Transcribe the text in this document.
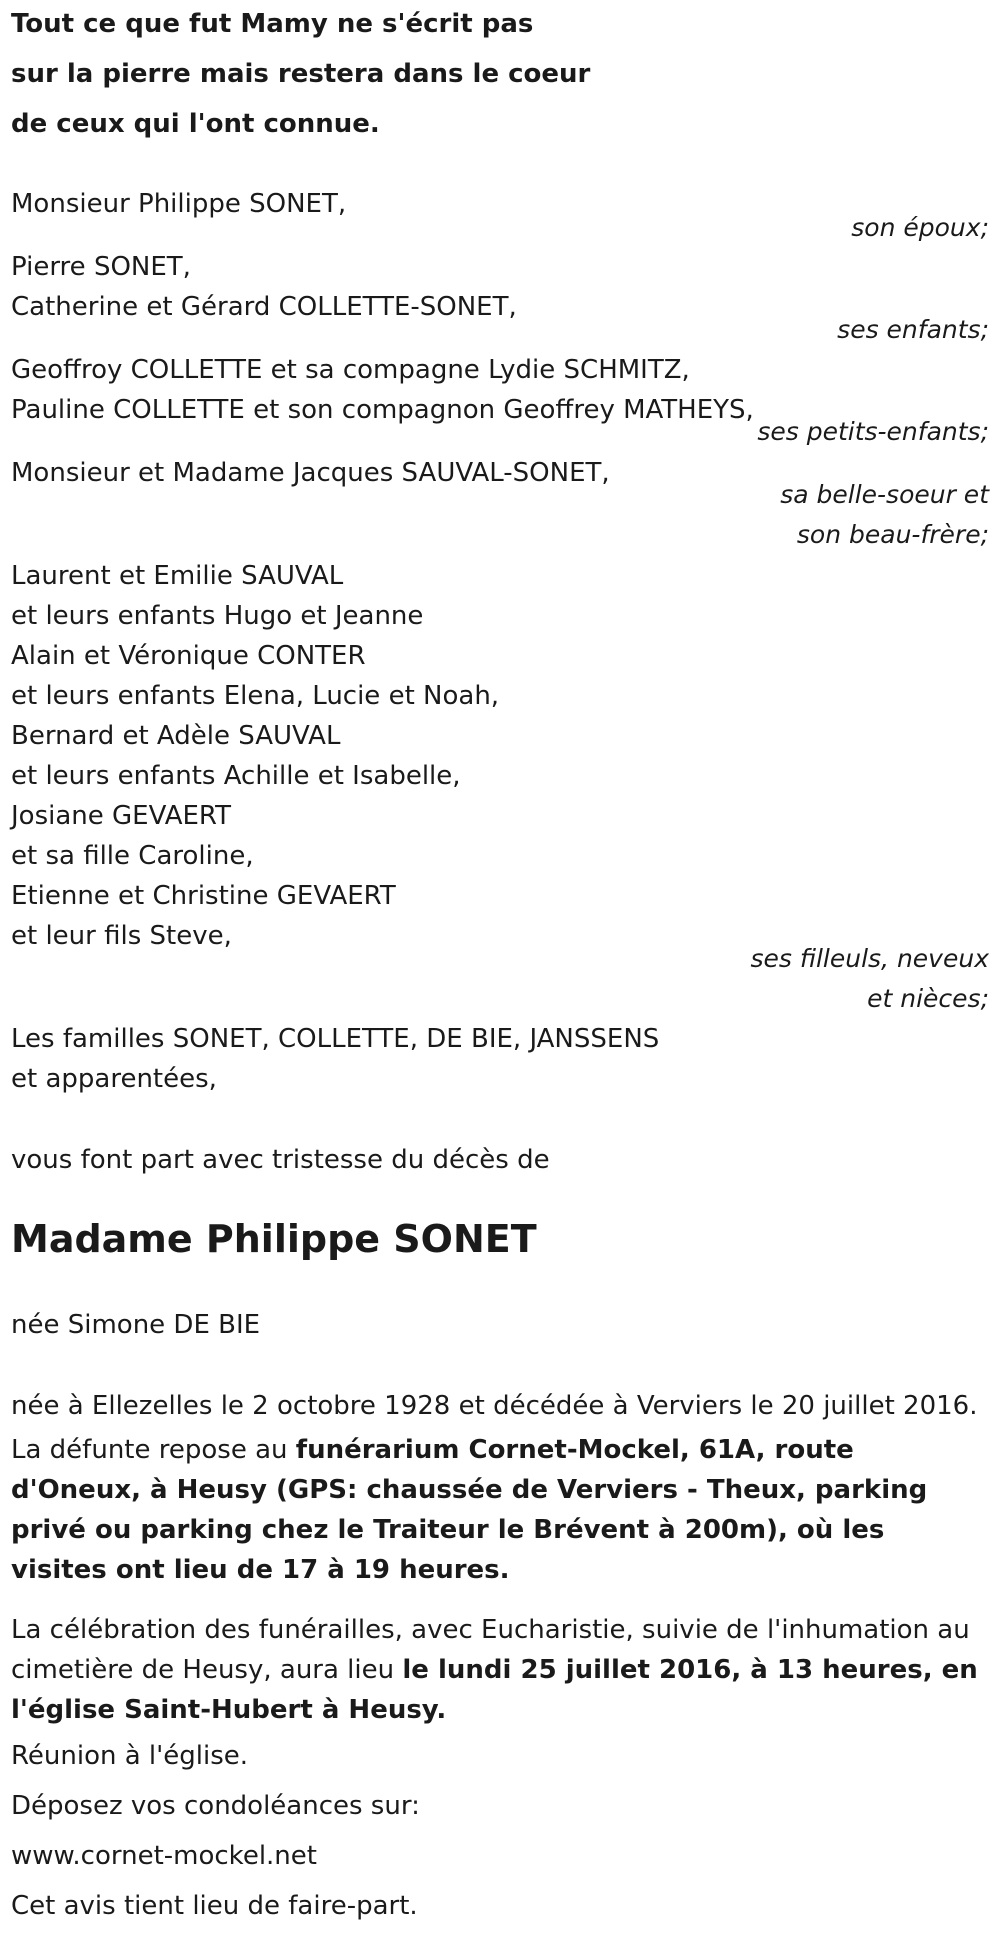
Tout ce que fut Mamy ne s'écrit pas
sur la pierre mais restera dans le coeur
de ceux qui l'ont connue.
Monsieur Philippe SONET,
son époux;
Pierre SONET,
Catherine et Gérard COLLETTE-SONET,
ses enfants;
Geoffroy COLLETTE et sa compagne Lydie SCHMITZ,
Pauline COLLETTE et son compagnon Geoffrey MATHEYS,
ses petits-enfants;
Monsieur et Madame Jacques SAUVAL-SONET,
sa belle-soeur et
son beau-frère;
Laurent et Emilie SAUVAL
et leurs enfants Hugo et Jeanne
Alain et Véronique CONTER
et leurs enfants Elena, Lucie et Noah,
Bernard et Adèle SAUVAL
et leurs enfants Achille et Isabelle,
Josiane GEVAERT
et sa fille Caroline,
Etienne et Christine GEVAERT
et leur fils Steve,
ses filleuls, neveux
et nièces;
Les familles SONET, COLLETTE, DE BIE, JANSSENS
et apparentées,
vous font part avec tristesse du décès de
Madame Philippe SONET
née Simone DE BIE
née à Ellezelles le 2 octobre 1928 et décédée à Verviers le 20 juillet 2016.
La défunte repose au funérarium Cornet-Mockel, 61A, route d'Oneux, à Heusy (GPS: chaussée de Verviers - Theux, parking privé ou parking chez le Traiteur le Brévent à 200m), où les visites ont lieu de 17 à 19 heures.
La célébration des funérailles, avec Eucharistie, suivie de l'inhumation au cimetière de Heusy, aura lieu le lundi 25 juillet 2016, à 13 heures, en l'église Saint-Hubert à Heusy.
Réunion à l'église.
Déposez vos condoléances sur:
www.cornet-mockel.net
Cet avis tient lieu de faire-part.
